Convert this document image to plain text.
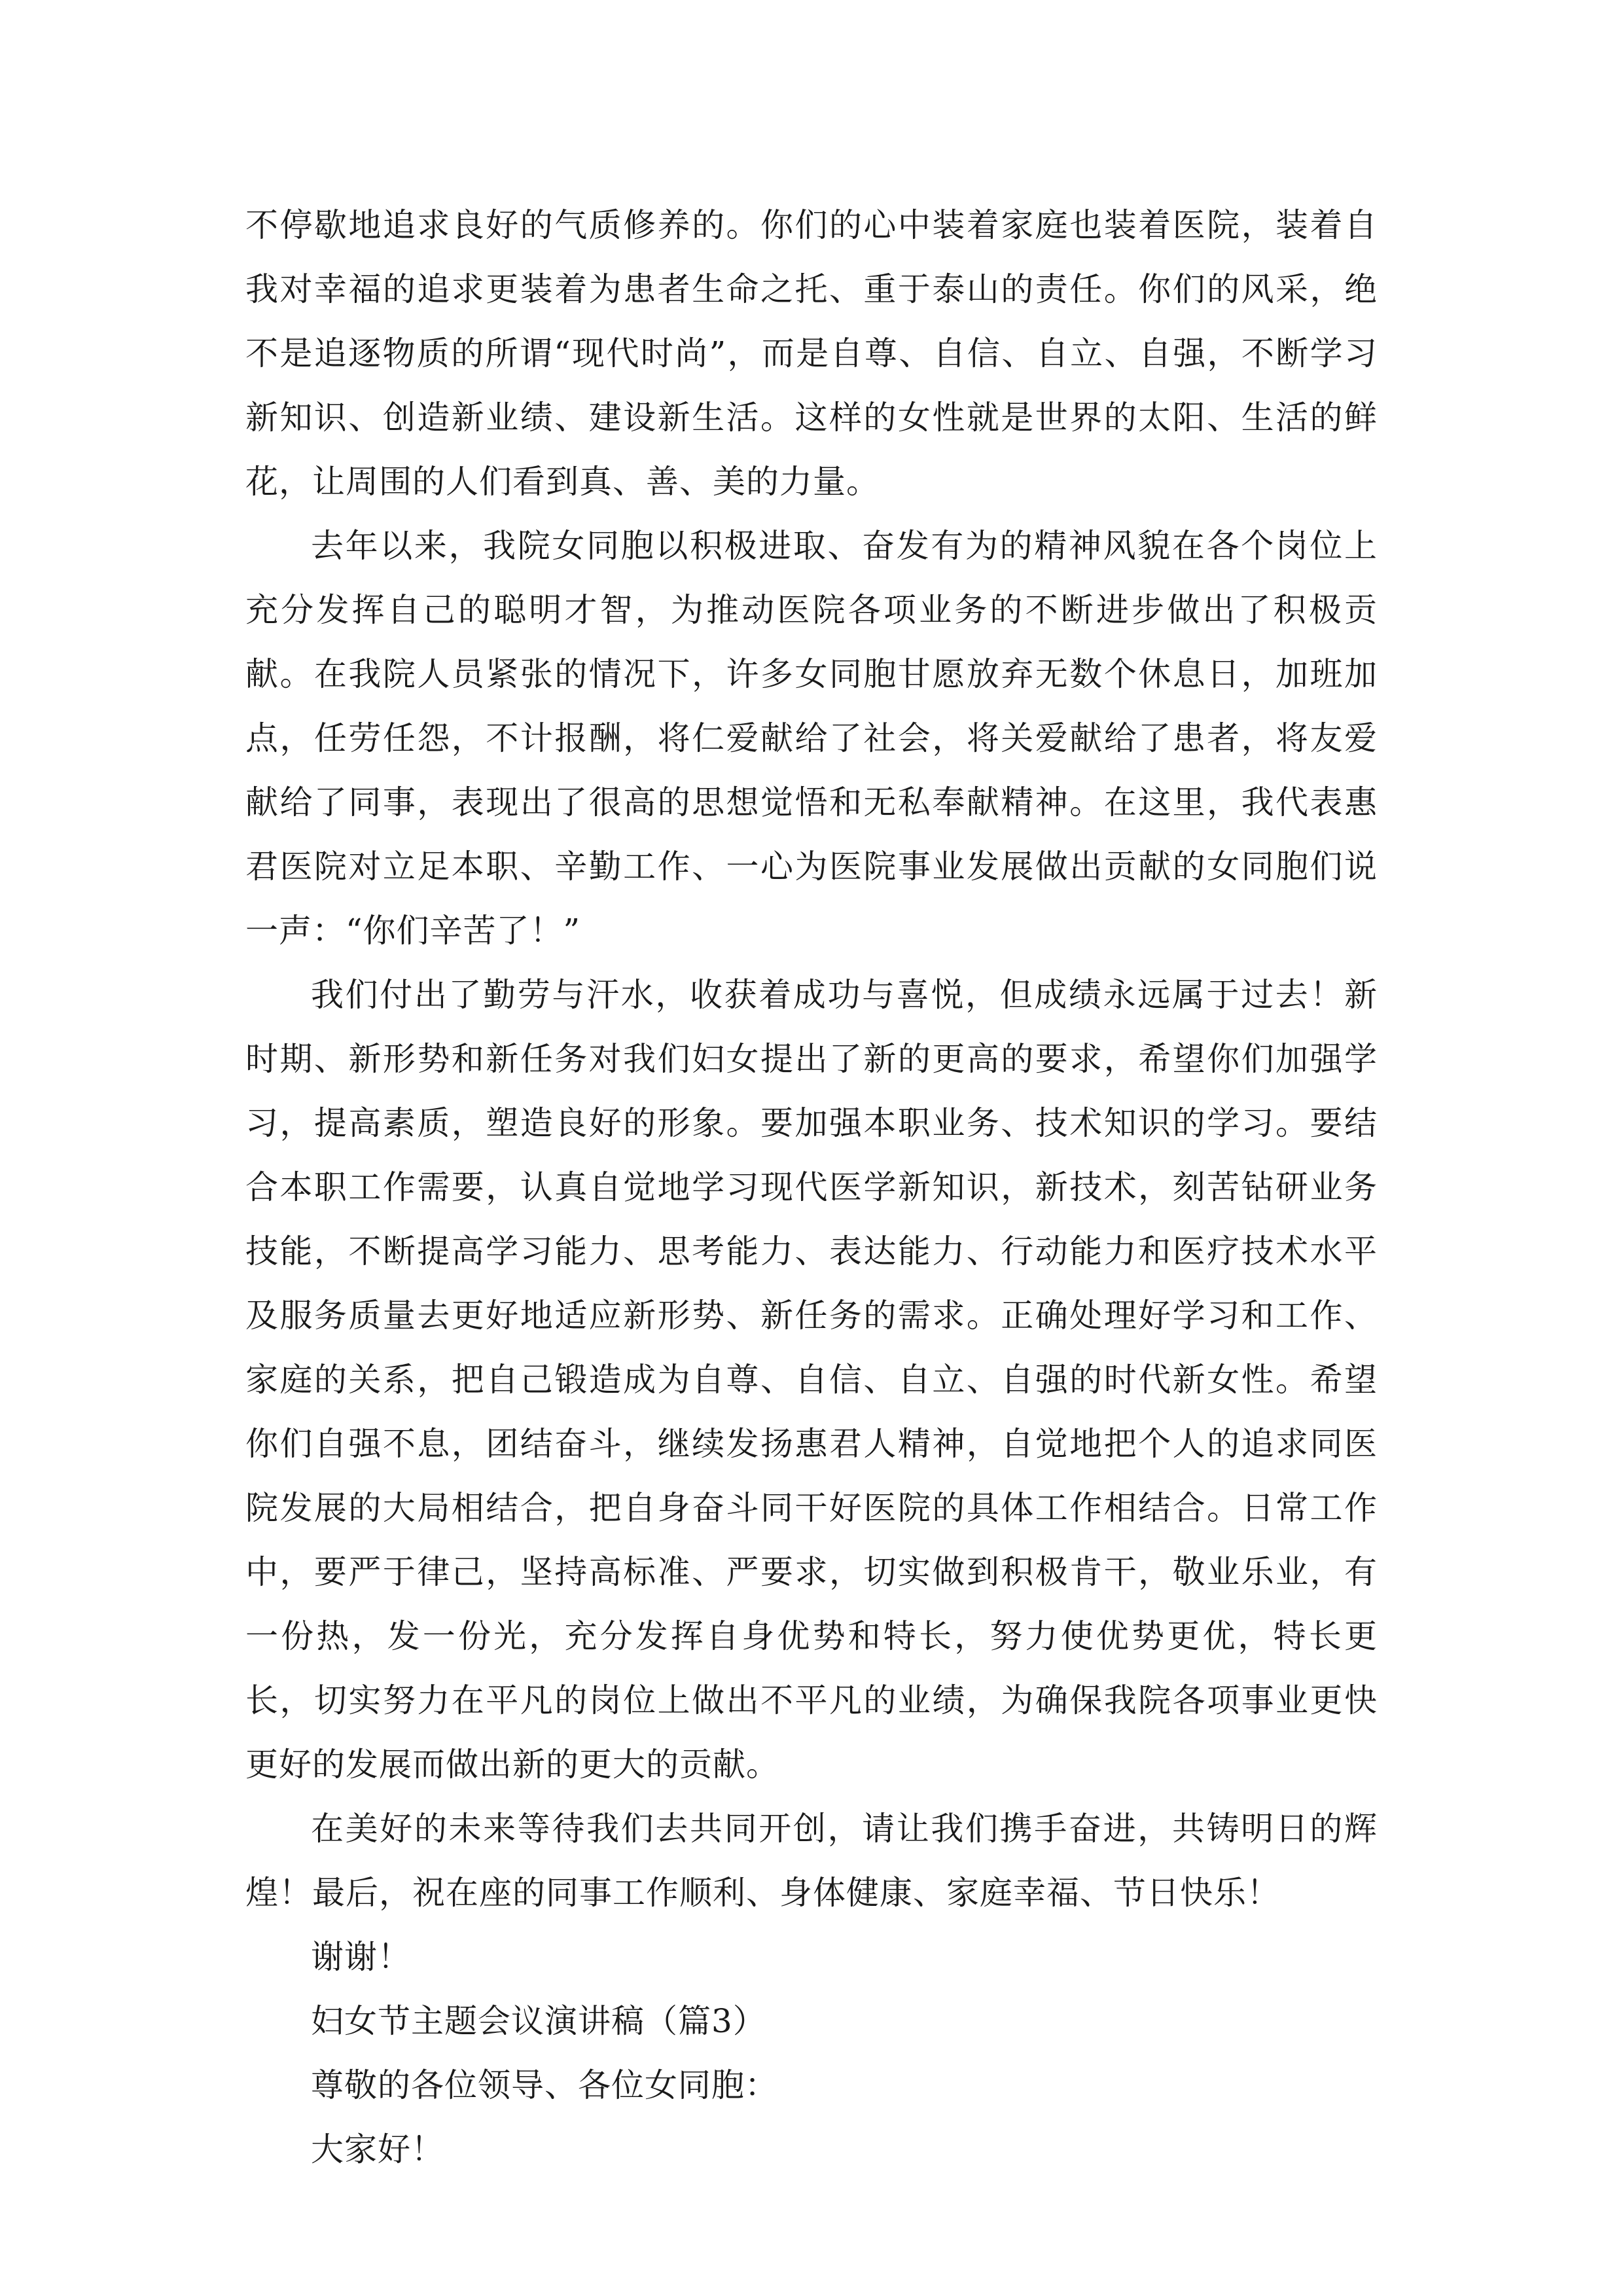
不停歇地追求良好的气质修养的。你们的心中装着家庭也装着医院，装着自我对幸福的追求更装着为患者生命之托、重于泰山的责任。你们的风采，绝不是追逐物质的所谓“现代时尚”，而是自尊、自信、自立、自强，不断学习新知识、创造新业绩、建设新生活。这样的女性就是世界的太阳、生活的鲜花，让周围的人们看到真、善、美的力量。

去年以来，我院女同胞以积极进取、奋发有为的精神风貌在各个岗位上充分发挥自己的聪明才智，为推动医院各项业务的不断进步做出了积极贡献。在我院人员紧张的情况下，许多女同胞甘愿放弃无数个休息日，加班加点，任劳任怨，不计报酬，将仁爱献给了社会，将关爱献给了患者，将友爱献给了同事，表现出了很高的思想觉悟和无私奉献精神。在这里，我代表惠君医院对立足本职、辛勤工作、一心为医院事业发展做出贡献的女同胞们说一声：“你们辛苦了！”

我们付出了勤劳与汗水，收获着成功与喜悦，但成绩永远属于过去！新时期、新形势和新任务对我们妇女提出了新的更高的要求，希望你们加强学习，提高素质，塑造良好的形象。要加强本职业务、技术知识的学习。要结合本职工作需要，认真自觉地学习现代医学新知识，新技术，刻苦钻研业务技能，不断提高学习能力、思考能力、表达能力、行动能力和医疗技术水平及服务质量去更好地适应新形势、新任务的需求。正确处理好学习和工作、家庭的关系，把自己锻造成为自尊、自信、自立、自强的时代新女性。希望你们自强不息，团结奋斗，继续发扬惠君人精神，自觉地把个人的追求同医院发展的大局相结合，把自身奋斗同干好医院的具体工作相结合。日常工作中，要严于律己，坚持高标准、严要求，切实做到积极肯干，敬业乐业，有一份热，发一份光，充分发挥自身优势和特长，努力使优势更优，特长更长，切实努力在平凡的岗位上做出不平凡的业绩，为确保我院各项事业更快更好的发展而做出新的更大的贡献。

在美好的未来等待我们去共同开创，请让我们携手奋进，共铸明日的辉煌！最后，祝在座的同事工作顺利、身体健康、家庭幸福、节日快乐！

谢谢！

妇女节主题会议演讲稿（篇3）

尊敬的各位领导、各位女同胞：

大家好！
